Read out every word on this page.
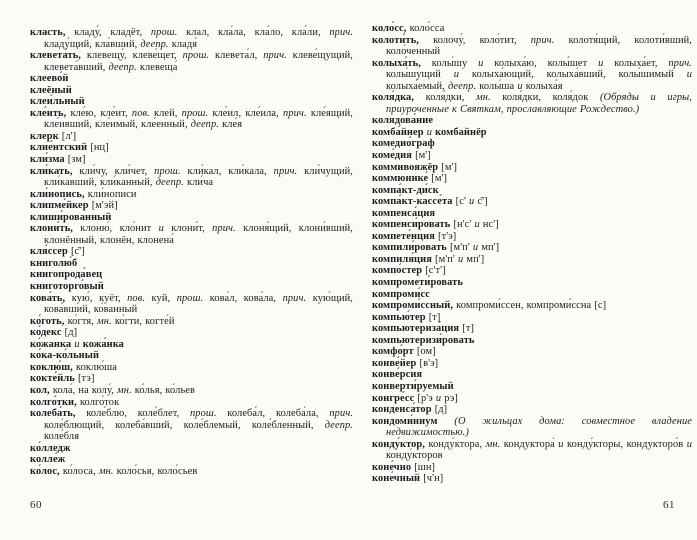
класть, кладу́, кладёт, прош. клал, кла́ла, кла́ло, кла́ли, прич. кладу́щий, кла́вший, деепр. кладя́
клевета́ть, клевещу́, клеве́щет, прош. клевета́л, прич. клеве́щущий, клевета́вший, деепр. клевеща́
клеево́й
клеёный
клеи́льный
кле́ить, кле́ю, кле́ит, пов. клей, прош. кле́ил, кле́ила, прич. кле́ящий, кле́ивший, кле́имый, кле́енный, деепр. кле́я
клерк [л']
клие́нтский [нц]
кли́зма [зм]
кли́кать, кли́чу, кли́чет, прош. кли́кал, кли́кала, прич. кли́чущий, кли́кавший, кли́канный, деепр. кли́ча
кли́нопись, кли́нописи
клипме́йкер [м'эй]
клиши́рованный
клони́ть, клоню́, кло́нит и клони́т, прич. клоня́щий, клони́вший, клонённый, клонён, клонена́
кля́ссер [с̄']
книголю́б
книгопрода́вец
книготорго́вый
кова́ть, кую́, куёт, пов. куй, прош. кова́л, кова́ла, прич. кую́щий, кова́вший, ко́ванный
ко́готь, ко́гтя, мн. ко́гти, когте́й
ко́декс [д]
ко́жанка и кожа́нка
ко́ка-ко́льный
коклю́ш, коклю́ша
кокте́йль [тэ]
кол, кола́, на колу́, мн. ко́лья, ко́льев
колго́тки, колго́ток
колеба́ть, коле́блю, коле́блет, прош. колеба́л, колеба́ла, прич. коле́блющий, колеба́вший, коле́блемый, коле́бленный, деепр. коле́бля
ко́лледж
колле́ж
ко́лос, ко́лоса, мн. коло́сья, коло́сьев
коло́сс, коло́сса
колоти́ть, колочу́, коло́тит, прич. колотя́щий, колоти́вший, коло́ченный
колыха́ть, колы́шу и колыха́ю, колы́шет и колыха́ет, прич. колы́шущий и колыха́ющий, колыха́вший, колы́шимый и колыха́емый, деепр. колы́ша и колыха́я
коля́дка, коля́дки, мн. коля́дки, коля́док (Обряды и игры, приуроченные к Святкам, прославляющие Рождество.)
колядова́ние
комба́йнер и комбайнёр
комедио́граф
коме́дия [м']
коммивояжёр [м']
коммюнике́ [м']
компа́кт-ди́ск
компа́кт-кассе́та [с' и с̄']
компенса́ция
компенси́ровать [н'с' и нс']
компете́нция [т'э]
компили́ровать [м'п' и мп']
компиля́ция [м'п' и мп']
компо́стер [с'т']
компромети́ровать
компроми́сс
компроми́ссный, компроми́ссен, компроми́ссна [с]
компью́тер [т]
компьютериза́ция [т]
компьютеризи́ровать
комфо́рт [ом]
конве́йер [в'э]
конве́рсия
конверти́руемый
конгре́сс [р'э и рэ]
конденса́тор [д]
кондоми́ниум (О жильцах дома: совместное владение недвижимостью.)
конду́ктор, конду́ктора, мн. кондуктора́ и конду́кторы, кондукторо́в и конду́кторов
коне́чно [шн]
коне́чный [ч'н]
60	61
